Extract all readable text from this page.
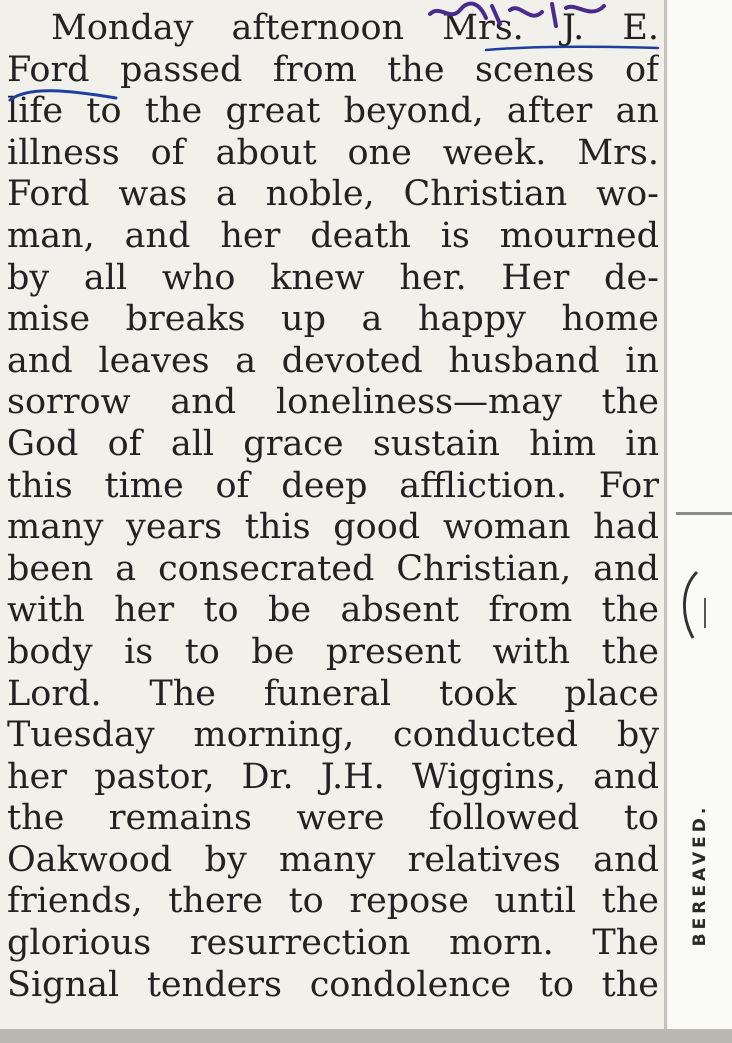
Monday afternoon Mrs. J. E.
Ford passed from the scenes of
life to the great beyond, after an
illness of about one week. Mrs.
Ford was a noble, Christian wo-
man, and her death is mourned
by all who knew her. Her de-
mise breaks up a happy home
and leaves a devoted husband in
sorrow and loneliness—may the
God of all grace sustain him in
this time of deep affliction. For
many years this good woman had
been a consecrated Christian, and
with her to be absent from the
body is to be present with the
Lord. The funeral took place
Tuesday morning, conducted by
her pastor, Dr. J.H. Wiggins, and
the remains were followed to
Oakwood by many relatives and
friends, there to repose until the
glorious resurrection morn. The
Signal tenders condolence to the
BEREAVED.
